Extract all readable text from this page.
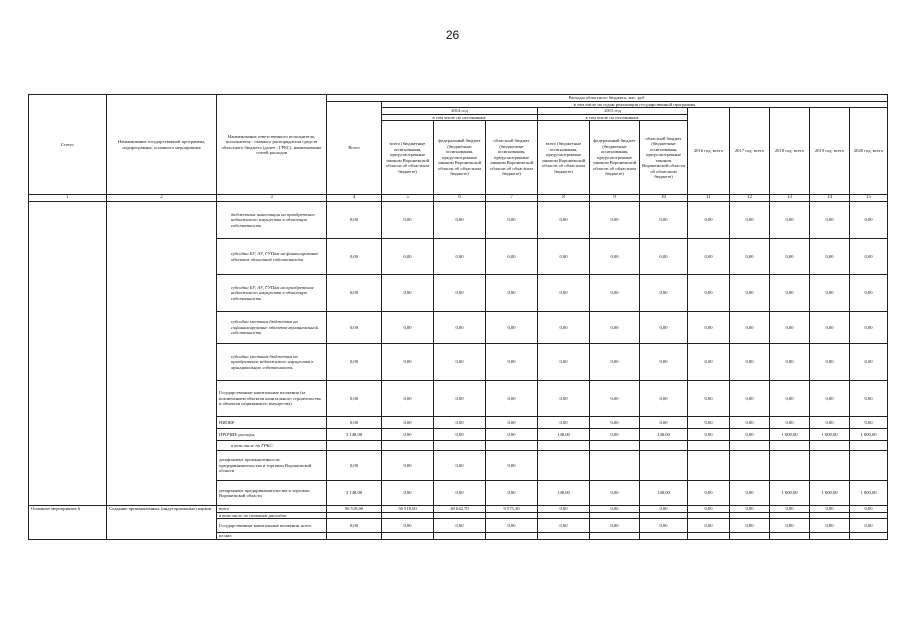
26
Статус	Наименование государственной программы, подпрограммы, основного мероприятия	Наименование ответственного исполнителя, исполнителя - главного распорядителя средств областного бюджета (далее - ГРБС), наименование статей расходов	Расходы областного бюджета, тыс. руб.											
			Всего	в том числе по годам реализации государственной программы										
				2014 год			2015 год			2016 год, всего	2017 год, всего	2018 год, всего	2019 год, всего	2020 год, всего
				в том числе по источникам:			в том числе по источникам:							
				всего (бюджетные ассигнования, предусмотренные законом Воронежской области об областном бюджете)	федеральный бюджет (бюджетные ассигнования, предусмотренные законом Воронежской области об областном бюджете)	областной бюджет (бюджетные ассигнования, предусмотренные законом Воронежской области об областном бюджете)	всего (бюджетные ассигнования, предусмотренные законом Воронежской области об областном бюджете)	федеральный бюджет (бюджетные ассигнования, предусмотренные законом Воронежской области об областном бюджете)	областной бюджет (бюджетные ассигнования, предусмотренные законом Воронежской области об областном бюджете)					
1	2	3	4	5	6	7	8	9	10	11	12	13	14	15
		бюджетные инвестиции на приобретение недвижимого имущества в областную собственность	0,00	0,00	0,00	0,00	0,00	0,00	0,00	0,00	0,00	0,00	0,00	0,00
		субсидии БУ, АУ, ГУПам на финансирование объектов областной собственности	0,00	0,00	0,00	0,00	0,00	0,00	0,00	0,00	0,00	0,00	0,00	0,00
		субсидии БУ, АУ, ГУПам на приобретение недвижимого имущества в областную собственность	0,00	0,00	0,00	0,00	0,00	0,00	0,00	0,00	0,00	0,00	0,00	0,00
		субсидии местным бюджетам на софинансирование объектов муниципальной собственности	0,00	0,00	0,00	0,00	0,00	0,00	0,00	0,00	0,00	0,00	0,00	0,00
		субсидии местным бюджетам на приобретение недвижимого имущества в муниципальную собственность	0,00	0,00	0,00	0,00	0,00	0,00	0,00	0,00	0,00	0,00	0,00	0,00
		Государственные капитальные вложения (за исключением объектов капитального строительства и объектов недвижимого имущества)	0,00	0,00	0,00	0,00	0,00	0,00	0,00	0,00	0,00	0,00	0,00	0,00
		НИОКР	0,00	0,00	0,00	0,00	0,00	0,00	0,00	0,00	0,00	0,00	0,00	0,00
		ПРОЧИЕ расходы	3 148,00	0,00	0,00	0,00	148,00	0,00	148,00	0,00	0,00	1 000,00	1 000,00	1 000,00
		в том числе по ГРБС:												
		департамент промышленности, предпринимательства и торговли Воронежской области	0,00	0,00	0,00	0,00								
		департамент предпринимательства и торговли Воронежской области	3 148,00	0,00	0,00	0,00	148,00	0,00	148,00	0,00	0,00	1 000,00	1 000,00	1 000,00
Основное мероприятие 6	Создание промышленных (индустриальных) парков	всего	50 518,00	50 518,00	40 042,70	9 575,30	0,00	0,00	0,00	0,00	0,00	0,00	0,00	0,00
		в том числе по статьям расходов:												
		Государственные капитальные вложения, всего	0,00	0,00	0,00	0,00	0,00	0,00	0,00	0,00	0,00	0,00	0,00	0,00
		из них												
